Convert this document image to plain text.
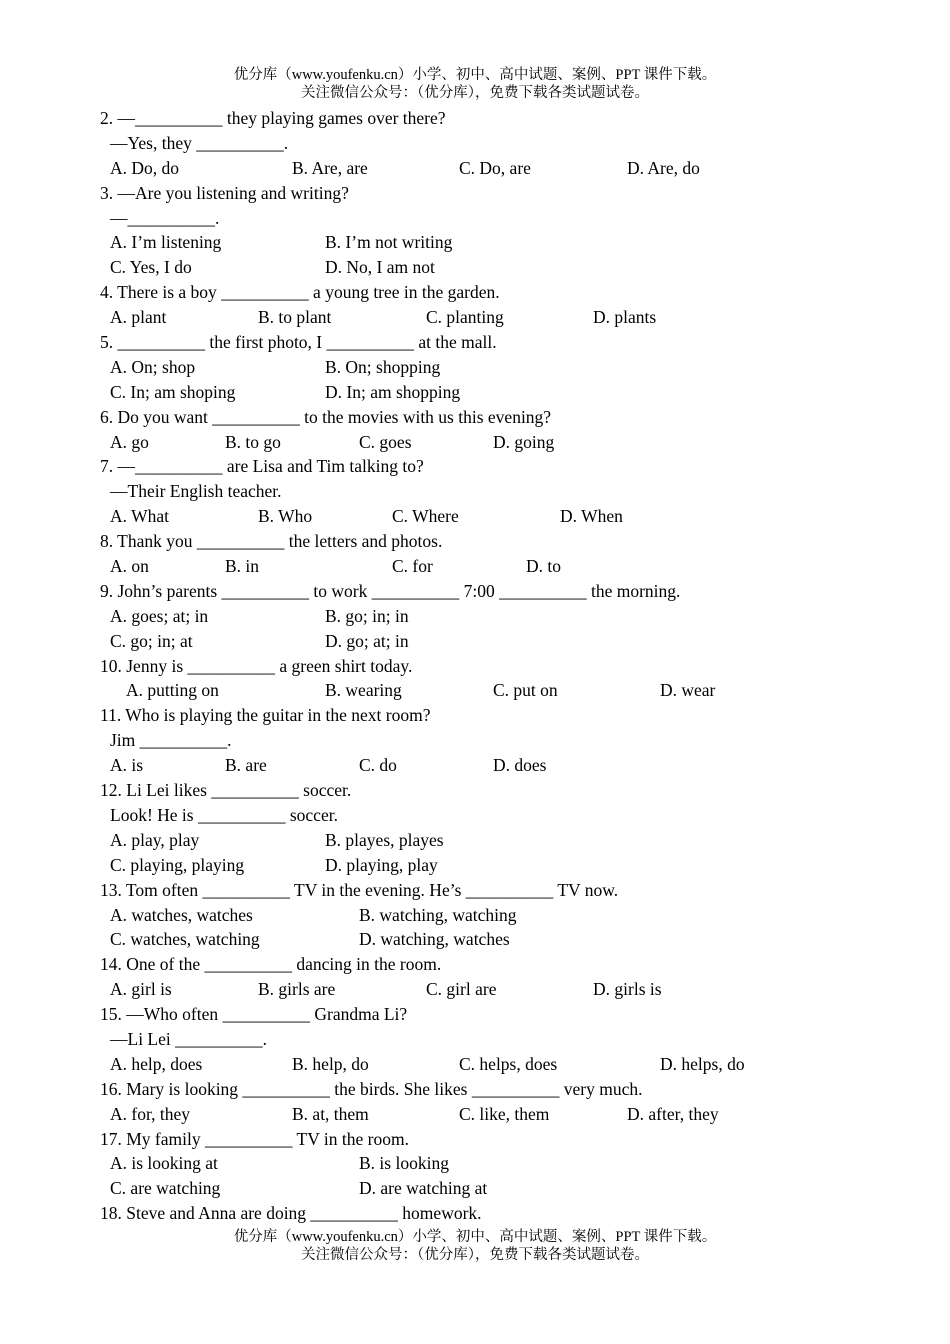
优分库（www.youfenku.cn）小学、初中、高中试题、案例、PPT 课件下载。
关注微信公众号：（优分库），免费下载各类试题试卷。
2. —__________ they playing games over there?
—Yes, they __________.
A. Do, do	B. Are, are	C. Do, are	D. Are, do
3. —Are you listening and writing?
—__________.
A. I’m listening	B. I’m not writing
C. Yes, I do	D. No, I am not
4. There is a boy __________ a young tree in the garden.
A. plant	B. to plant	C. planting	D. plants
5. __________ the first photo, I __________ at the mall.
A. On; shop	B. On; shopping
C. In; am shoping	D. In; am shopping
6. Do you want __________ to the movies with us this evening?
A. go	B. to go	C. goes	D. going
7. —__________ are Lisa and Tim talking to?
—Their English teacher.
A. What	B. Who	C. Where	D. When
8. Thank you __________ the letters and photos.
A. on	B. in	C. for	D. to
9. John’s parents __________ to work __________ 7:00 __________ the morning.
A. goes; at; in	B. go; in; in
C. go; in; at	D. go; at; in
10. Jenny is __________ a green shirt today.
A. putting on	B. wearing	C. put on	D. wear
11. Who is playing the guitar in the next room?
Jim __________.
A. is	B. are	C. do	D. does
12. Li Lei likes __________ soccer.
Look! He is __________ soccer.
A. play, play	B. playes, playes
C. playing, playing	D. playing, play
13. Tom often __________ TV in the evening. He’s __________ TV now.
A. watches, watches	B. watching, watching
C. watches, watching	D. watching, watches
14. One of the __________ dancing in the room.
A. girl is	B. girls are	C. girl are	D. girls is
15. —Who often __________ Grandma Li?
—Li Lei __________.
A. help, does	B. help, do	C. helps, does	D. helps, do
16. Mary is looking __________ the birds. She likes __________ very much.
A. for, they	B. at, them	C. like, them	D. after, they
17. My family __________ TV in the room.
A. is looking at	B. is looking
C. are watching	D. are watching at
18. Steve and Anna are doing __________ homework.
优分库（www.youfenku.cn）小学、初中、高中试题、案例、PPT 课件下载。
关注微信公众号：（优分库），免费下载各类试题试卷。
